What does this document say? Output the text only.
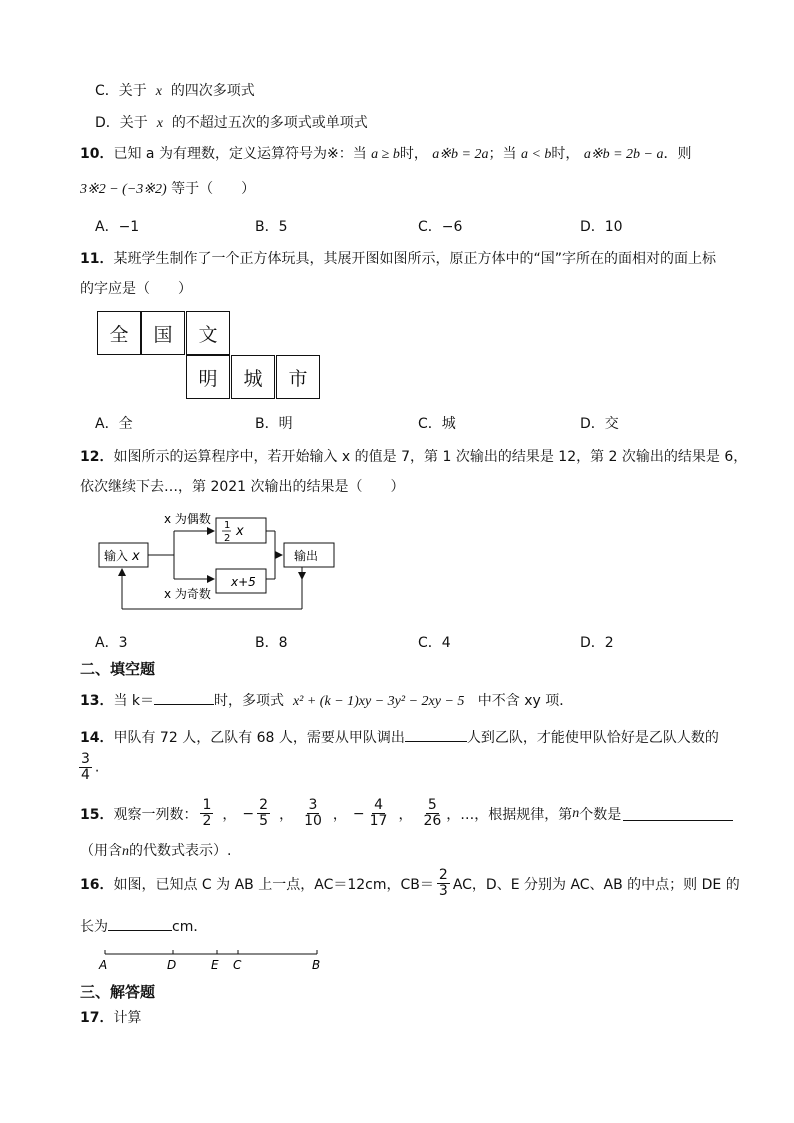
C．关于 x 的四次多项式
D．关于 x 的不超过五次的多项式或单项式
10．已知 a 为有理数，定义运算符号为※：当 a ≥ b时， a※b = 2a；当 a < b时， a※b = 2b − a．则
3※2 − (−3※2) 等于（　　）
A．−1	B．5	C．−6	D．10
11．某班学生制作了一个正方体玩具，其展开图如图所示，原正方体中的“国”字所在的面相对的面上标
的字应是（　　）
全	国	文
明	城	市
A．全	B．明	C．城	D．交
12．如图所示的运算程序中，若开始输入 x 的值是 7，第 1 次输出的结果是 12，第 2 次输出的结果是 6，
依次继续下去…，第 2021 次输出的结果是（　　）
输入 x
x 为偶数
x 为奇数
1
2 x
x+5
输出
A．3	B．8	C．4	D．2
二、填空题
13．当 k＝	时，多项式 x² + (k − 1)xy − 3y² − 2xy − 5 中不含 xy 项．
14．甲队有 72 人，乙队有 68 人，需要从甲队调出	人到乙队，才能使甲队恰好是乙队人数的
$\frac{3}{4}$ .
15． 观察一列数： $\frac{1}{2}$ ， − $\frac{2}{5}$ ， $\frac{3}{10}$ ， − $\frac{4}{17}$ ， $\frac{5}{26}$ ，…，根据规律，第 n 个数是
（用含n的代数式表示）.
16． 如图，已知点 C 为 AB 上一点，AC＝12cm，$CB= \frac{2}{3}$ AC，D、E 分别为 AC、AB 的中点；则 DE 的
长为	cm．
A	D	E C	B
三、解答题
17．计算
